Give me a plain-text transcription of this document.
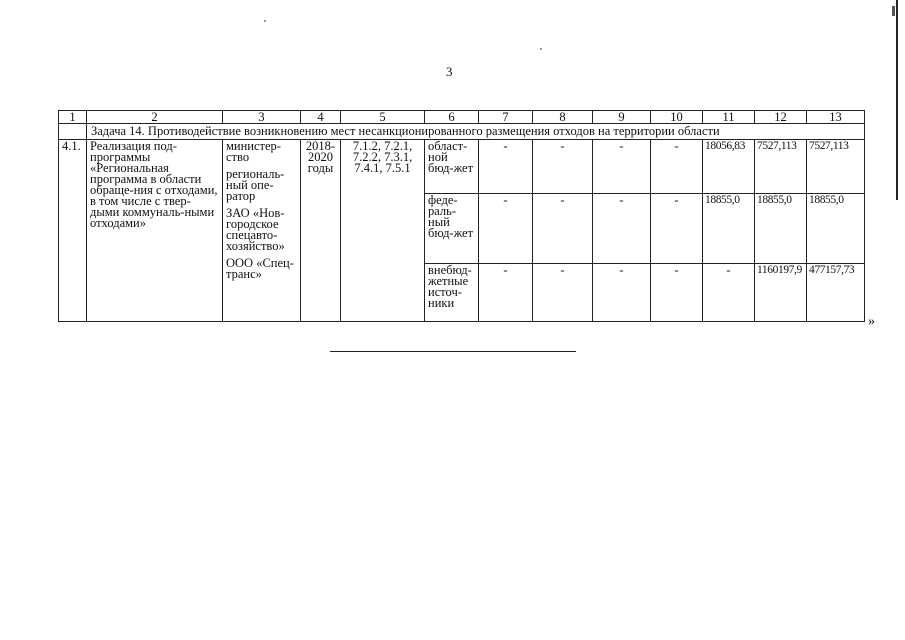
3
1	2	3	4	5	6	7	8	9	10	11	12	13
	Задача 14. Противодействие возникновению мест несанкционированного размещения отходов на территории области											
4.1.	Реализация под-программы «Региональная программа в области обраще-ния с отходами, в том числе с твер-дыми коммуналь-ными отходами»	министер-ство
региональ-ный опе-ратор
ЗАО «Нов-городское спецавто-хозяйство»
ООО «Спец-транс»	2018-2020 годы	7.1.2, 7.2.1, 7.2.2, 7.3.1, 7.4.1, 7.5.1	област-ной бюд-жет	-	-	-	-	18056,83	7527,113	7527,113
					феде-раль-ный бюд-жет	-	-	-	-	18855,0	18855,0	18855,0
					внебюд-жетные источ-ники	-	-	-	-	-	1160197,9	477157,73
»
